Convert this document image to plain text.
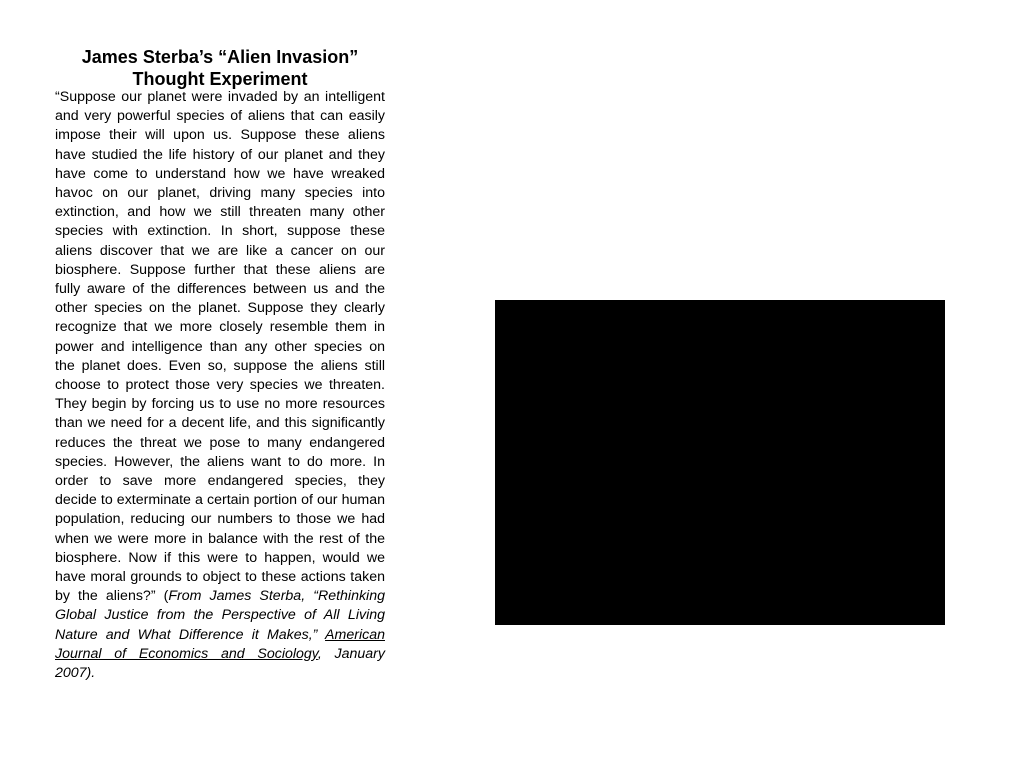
James Sterba’s “Alien Invasion” Thought Experiment

“Suppose our planet were invaded by an intelligent and very powerful species of aliens that can easily impose their will upon us. Suppose these aliens have studied the life history of our planet and they have come to understand how we have wreaked havoc on our planet, driving many species into extinction, and how we still threaten many other species with extinction. In short, suppose these aliens discover that we are like a cancer on our biosphere. Suppose further that these aliens are fully aware of the differences between us and the other species on the planet. Suppose they clearly recognize that we more closely resemble them in power and intelligence than any other species on the planet does. Even so, suppose the aliens still choose to protect those very species we threaten. They begin by forcing us to use no more resources than we need for a decent life, and this significantly reduces the threat we pose to many endangered species. However, the aliens want to do more. In order to save more endangered species, they decide to exterminate a certain portion of our human population, reducing our numbers to those we had when we were more in balance with the rest of the biosphere. Now if this were to happen, would we have moral grounds to object to these actions taken by the aliens?” (From James Sterba, “Rethinking Global Justice from the Perspective of All Living Nature and What Difference it Makes,” American Journal of Economics and Sociology, January 2007).
